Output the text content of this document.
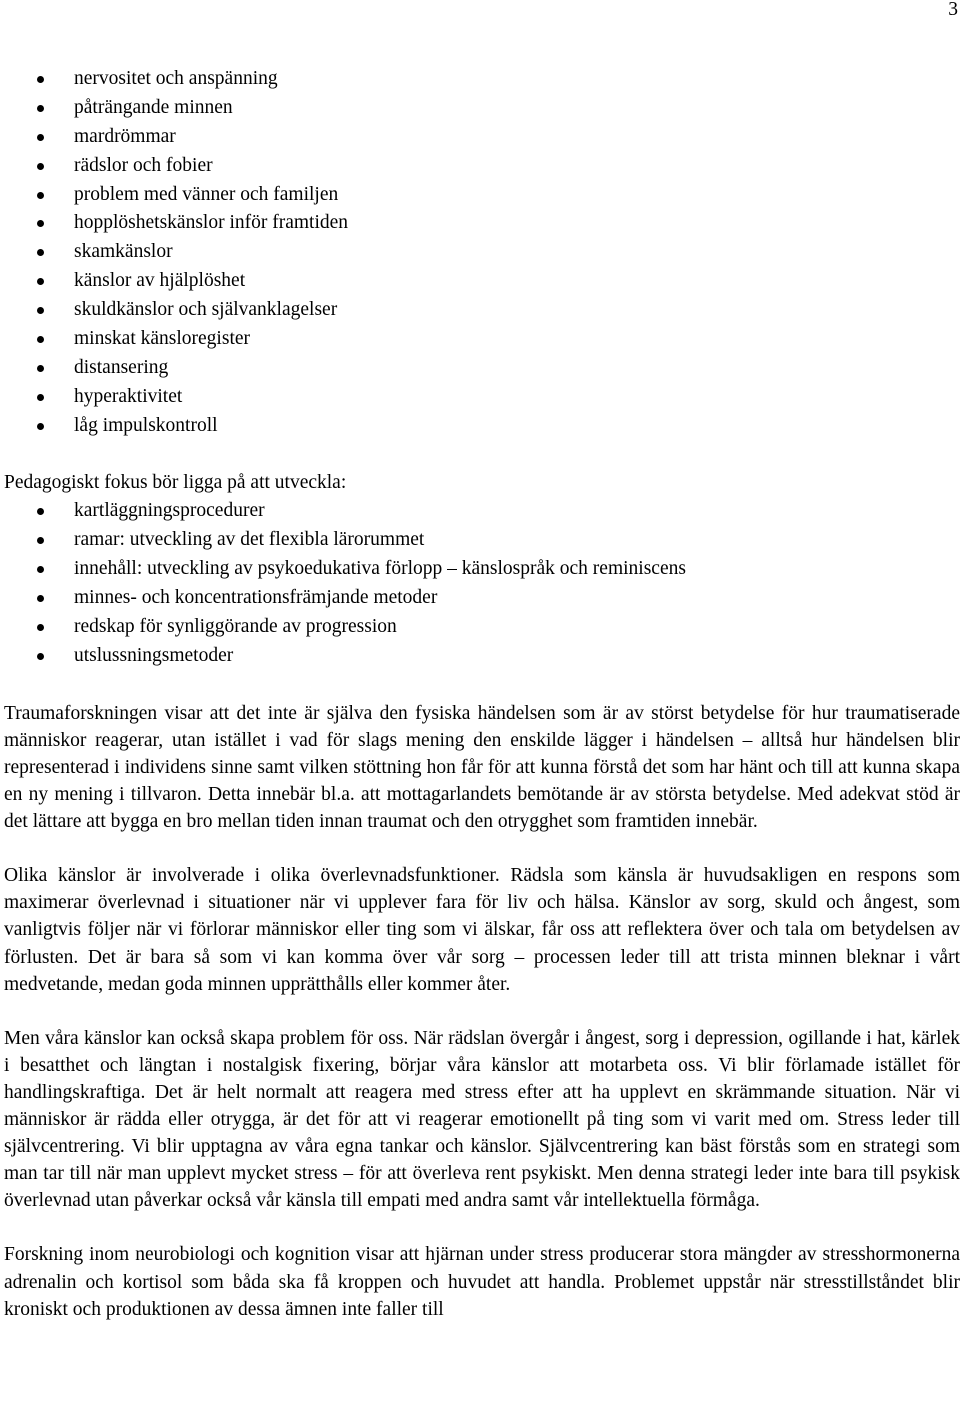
3
nervositet och anspänning
påträngande minnen
mardrömmar
rädslor och fobier
problem med vänner och familjen
hopplöshetskänslor inför framtiden
skamkänslor
känslor av hjälplöshet
skuldkänslor och självanklagelser
minskat känsloregister
distansering
hyperaktivitet
låg impulskontroll

Pedagogiskt fokus bör ligga på att utveckla:

kartläggningsprocedurer
ramar: utveckling av det flexibla lärorummet
innehåll: utveckling av psykoedukativa förlopp – känslospråk och reminiscens
minnes- och koncentrationsfrämjande metoder
redskap för synliggörande av progression
utslussningsmetoder

Traumaforskningen visar att det inte är själva den fysiska händelsen som är av störst betydelse för hur traumatiserade människor reagerar, utan istället i vad för slags mening den enskilde lägger i händelsen – alltså hur händelsen blir representerad i individens sinne samt vilken stöttning hon får för att kunna förstå det som har hänt och till att kunna skapa en ny mening i tillvaron. Detta innebär bl.a. att mottagarlandets bemötande är av största betydelse. Med adekvat stöd är det lättare att bygga en bro mellan tiden innan traumat och den otrygghet som framtiden innebär.

Olika känslor är involverade i olika överlevnadsfunktioner. Rädsla som känsla är huvudsakligen en respons som maximerar överlevnad i situationer när vi upplever fara för liv och hälsa. Känslor av sorg, skuld och ångest, som vanligtvis följer när vi förlorar människor eller ting som vi älskar, får oss att reflektera över och tala om betydelsen av förlusten. Det är bara så som vi kan komma över vår sorg – processen leder till att trista minnen bleknar i vårt medvetande, medan goda minnen upprätthålls eller kommer åter.

Men våra känslor kan också skapa problem för oss. När rädslan övergår i ångest, sorg i depression, ogillande i hat, kärlek i besatthet och längtan i nostalgisk fixering, börjar våra känslor att motarbeta oss. Vi blir förlamade istället för handlingskraftiga. Det är helt normalt att reagera med stress efter att ha upplevt en skrämmande situation. När vi människor är rädda eller otrygga, är det för att vi reagerar emotionellt på ting som vi varit med om. Stress leder till självcentrering. Vi blir upptagna av våra egna tankar och känslor. Självcentrering kan bäst förstås som en strategi som man tar till när man upplevt mycket stress – för att överleva rent psykiskt. Men denna strategi leder inte bara till psykisk överlevnad utan påverkar också vår känsla till empati med andra samt vår intellektuella förmåga.

Forskning inom neurobiologi och kognition visar att hjärnan under stress producerar stora mängder av stresshormonerna adrenalin och kortisol som båda ska få kroppen och huvudet att handla. Problemet uppstår när stresstillståndet blir kroniskt och produktionen av dessa ämnen inte faller till
